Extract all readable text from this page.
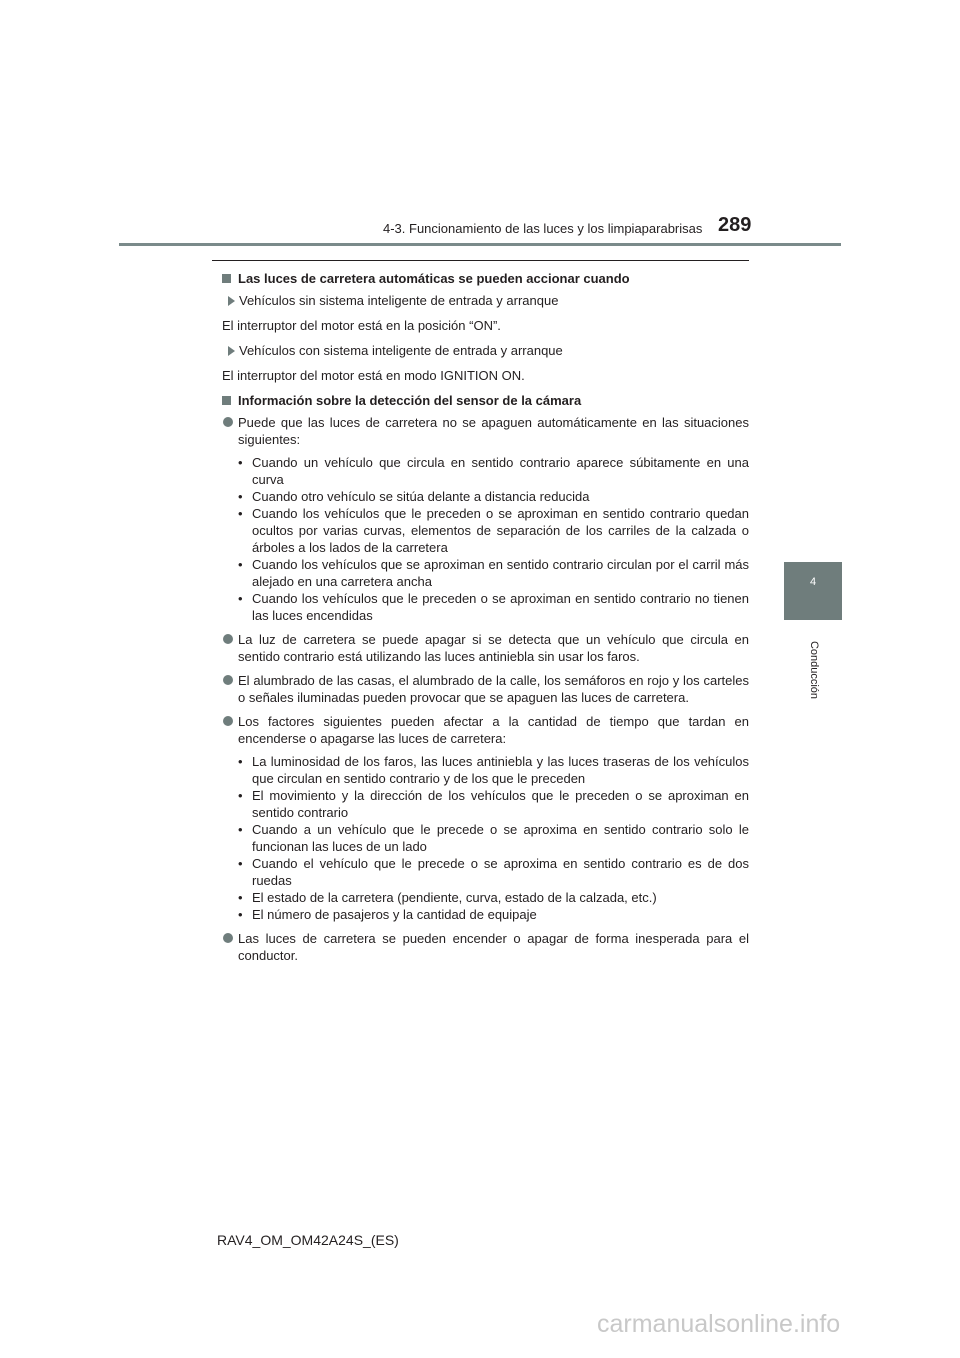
4-3. Funcionamiento de las luces y los limpiaparabrisas 289
4
Conducción
Las luces de carretera automáticas se pueden accionar cuando
Vehículos sin sistema inteligente de entrada y arranque
El interruptor del motor está en la posición “ON”.
Vehículos con sistema inteligente de entrada y arranque
El interruptor del motor está en modo IGNITION ON.
Información sobre la detección del sensor de la cámara
Puede que las luces de carretera no se apaguen automáticamente en las situaciones siguientes:
• Cuando un vehículo que circula en sentido contrario aparece súbitamente en una curva
• Cuando otro vehículo se sitúa delante a distancia reducida
• Cuando los vehículos que le preceden o se aproximan en sentido contrario quedan ocultos por varias curvas, elementos de separación de los carriles de la calzada o árboles a los lados de la carretera
• Cuando los vehículos que se aproximan en sentido contrario circulan por el carril más alejado en una carretera ancha
• Cuando los vehículos que le preceden o se aproximan en sentido contrario no tienen las luces encendidas
La luz de carretera se puede apagar si se detecta que un vehículo que circula en sentido contrario está utilizando las luces antiniebla sin usar los faros.
El alumbrado de las casas, el alumbrado de la calle, los semáforos en rojo y los carteles o señales iluminadas pueden provocar que se apaguen las luces de carretera.
Los factores siguientes pueden afectar a la cantidad de tiempo que tardan en encenderse o apagarse las luces de carretera:
• La luminosidad de los faros, las luces antiniebla y las luces traseras de los vehículos que circulan en sentido contrario y de los que le preceden
• El movimiento y la dirección de los vehículos que le preceden o se aproximan en sentido contrario
• Cuando a un vehículo que le precede o se aproxima en sentido contrario solo le funcionan las luces de un lado
• Cuando el vehículo que le precede o se aproxima en sentido contrario es de dos ruedas
• El estado de la carretera (pendiente, curva, estado de la calzada, etc.)
• El número de pasajeros y la cantidad de equipaje
Las luces de carretera se pueden encender o apagar de forma inesperada para el conductor.
RAV4_OM_OM42A24S_(ES)
carmanualsonline.info
